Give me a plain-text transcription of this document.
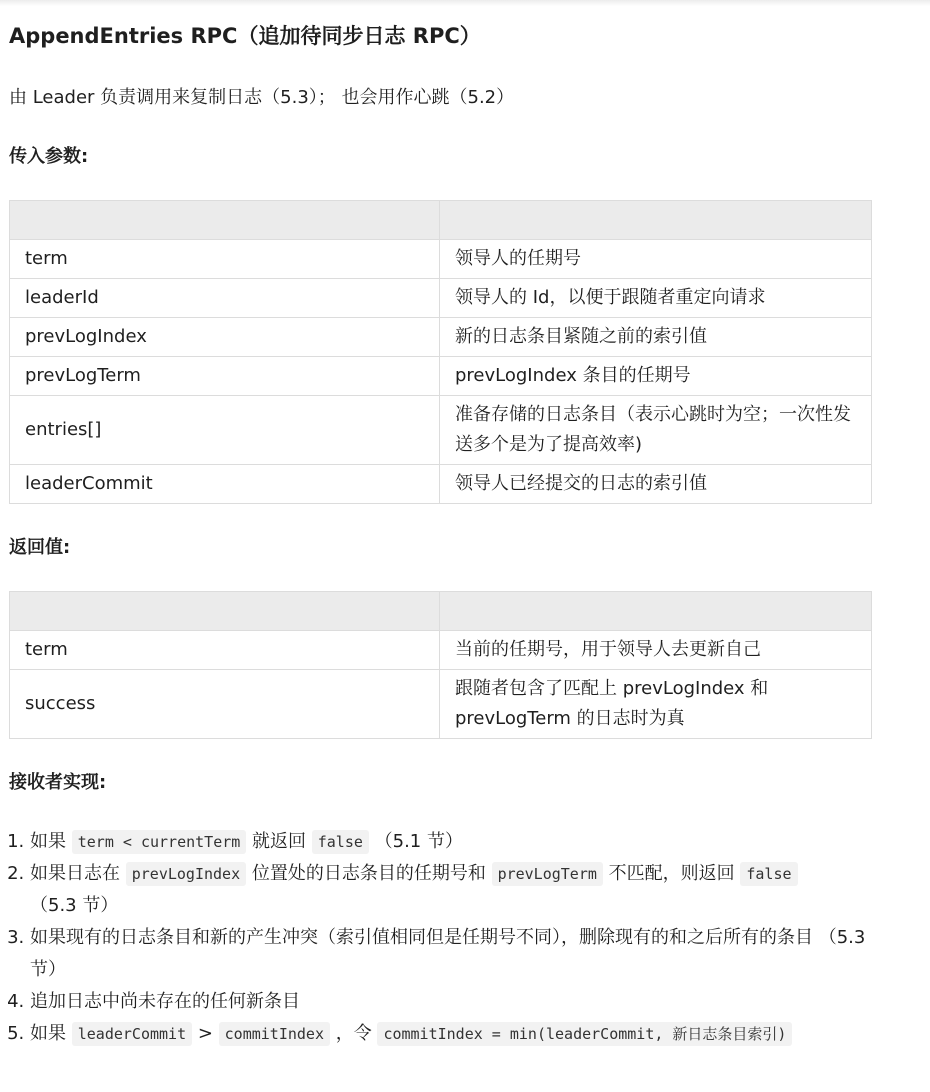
AppendEntries RPC（追加待同步日志 RPC）

由 Leader 负责调用来复制日志（5.3）； 也会用作心跳（5.2）

传入参数:

term	领导人的任期号
leaderId	领导人的 Id，以便于跟随者重定向请求
prevLogIndex	新的日志条目紧随之前的索引值
prevLogTerm	prevLogIndex 条目的任期号
entries[]	准备存储的日志条目（表示心跳时为空；一次性发送多个是为了提高效率)
leaderCommit	领导人已经提交的日志的索引值
返回值:

term	当前的任期号，用于领导人去更新自己
success	跟随者包含了匹配上 prevLogIndex 和 prevLogTerm 的日志时为真
接收者实现:
1. 如果 term < currentTerm 就返回 false （5.1 节）
2. 如果日志在 prevLogIndex 位置处的日志条目的任期号和 prevLogTerm 不匹配，则返回 false （5.3 节）
3. 如果现有的日志条目和新的产生冲突（索引值相同但是任期号不同），删除现有的和之后所有的条目 （5.3 节）
4. 追加日志中尚未存在的任何新条目
5. 如果 leaderCommit > commitIndex ，令 commitIndex = min(leaderCommit, 新日志条目索引)
